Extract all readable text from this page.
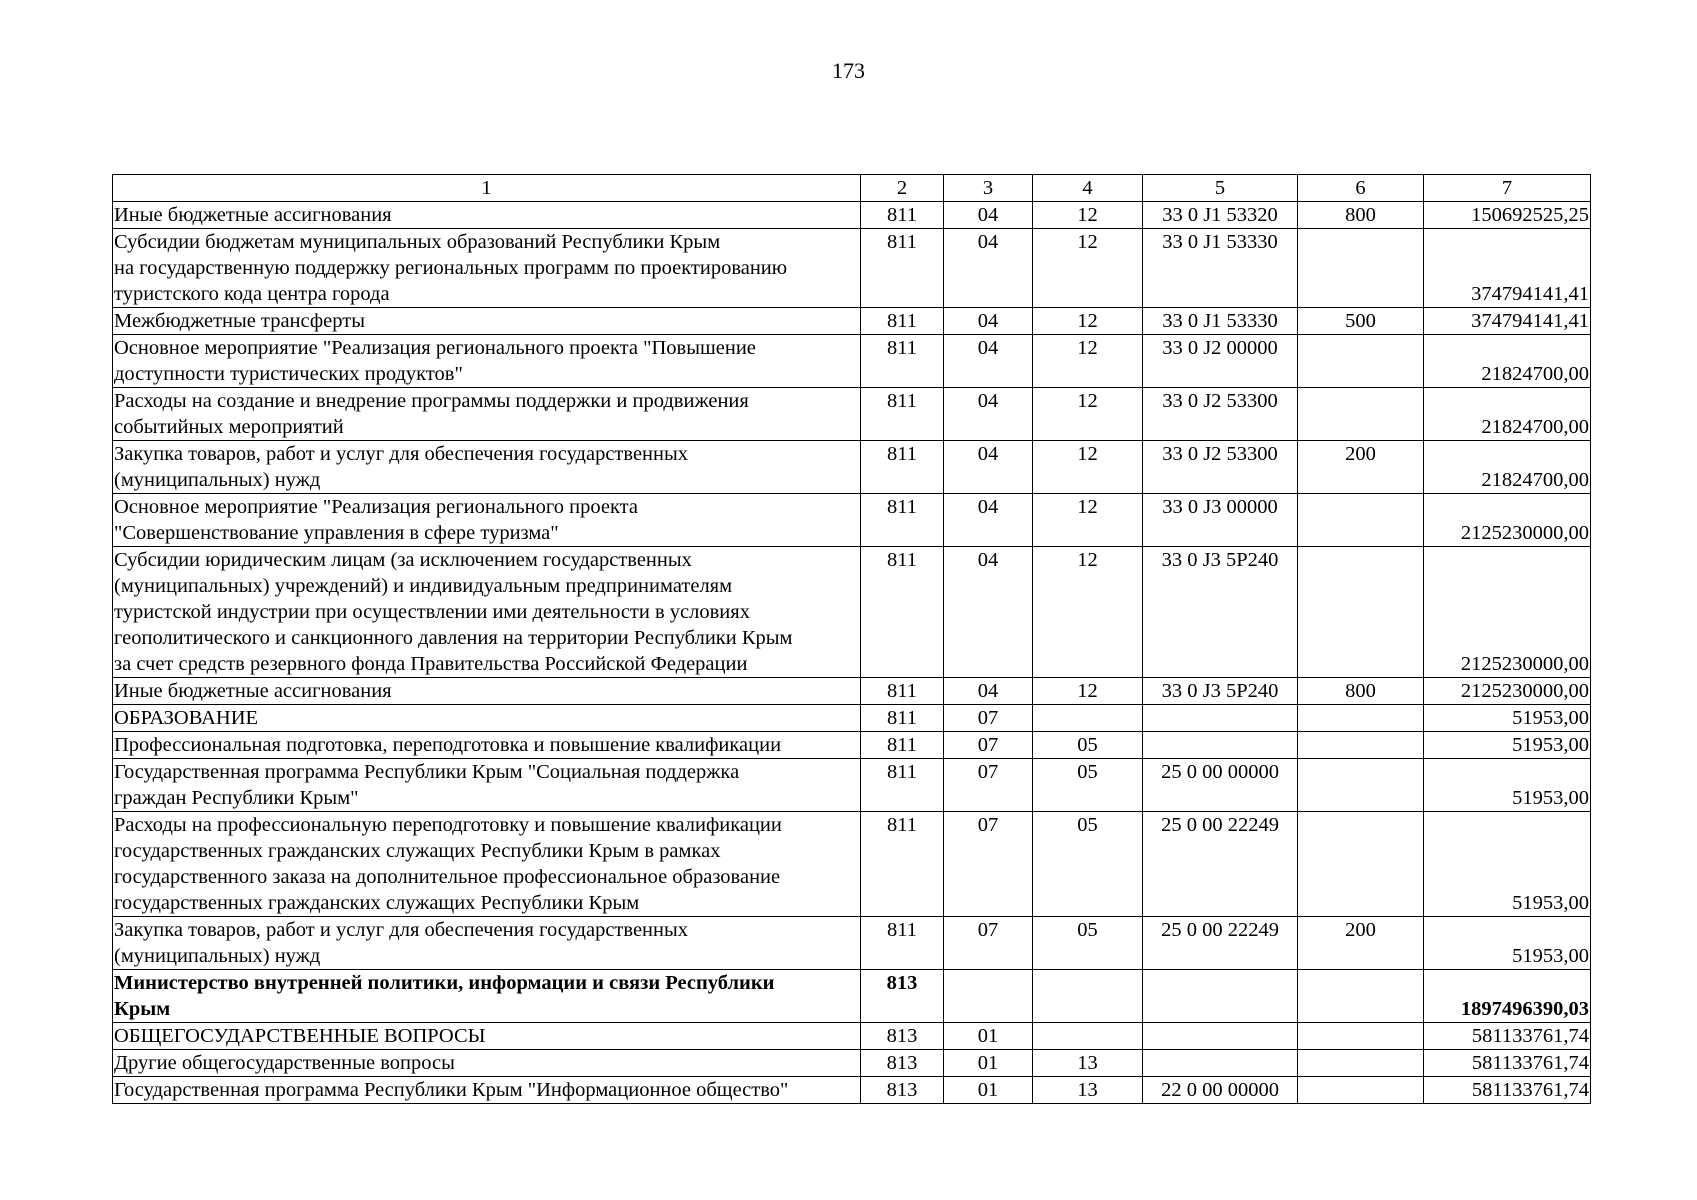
173
1	2	3	4	5	6	7
Иные бюджетные ассигнования	811	04	12	33 0 J1 53320	800	150692525,25
Субсидии бюджетам муниципальных образований Республики Крым
на государственную поддержку региональных программ по проектированию
туристского кода центра города	811	04	12	33 0 J1 53330		374794141,41
Межбюджетные трансферты	811	04	12	33 0 J1 53330	500	374794141,41
Основное мероприятие "Реализация регионального проекта "Повышение
доступности туристических продуктов"	811	04	12	33 0 J2 00000		21824700,00
Расходы на создание и внедрение программы поддержки и продвижения
событийных мероприятий	811	04	12	33 0 J2 53300		21824700,00
Закупка товаров, работ и услуг для обеспечения государственных
(муниципальных) нужд	811	04	12	33 0 J2 53300	200	21824700,00
Основное мероприятие "Реализация регионального проекта
"Совершенствование управления в сфере туризма"	811	04	12	33 0 J3 00000		2125230000,00
Субсидии юридическим лицам (за исключением государственных
(муниципальных) учреждений) и индивидуальным предпринимателям
туристской индустрии при осуществлении ими деятельности в условиях
геополитического и санкционного давления на территории Республики Крым
за счет средств резервного фонда Правительства Российской Федерации	811	04	12	33 0 J3 5P240		2125230000,00
Иные бюджетные ассигнования	811	04	12	33 0 J3 5P240	800	2125230000,00
ОБРАЗОВАНИЕ	811	07				51953,00
Профессиональная подготовка, переподготовка и повышение квалификации	811	07	05			51953,00
Государственная программа Республики Крым "Социальная поддержка
граждан Республики Крым"	811	07	05	25 0 00 00000		51953,00
Расходы на профессиональную переподготовку и повышение квалификации
государственных гражданских служащих Республики Крым в рамках
государственного заказа на дополнительное профессиональное образование
государственных гражданских служащих Республики Крым	811	07	05	25 0 00 22249		51953,00
Закупка товаров, работ и услуг для обеспечения государственных
(муниципальных) нужд	811	07	05	25 0 00 22249	200	51953,00
Министерство внутренней политики, информации и связи Республики
Крым	813					1897496390,03
ОБЩЕГОСУДАРСТВЕННЫЕ ВОПРОСЫ	813	01				581133761,74
Другие общегосударственные вопросы	813	01	13			581133761,74
Государственная программа Республики Крым "Информационное общество"	813	01	13	22 0 00 00000		581133761,74
